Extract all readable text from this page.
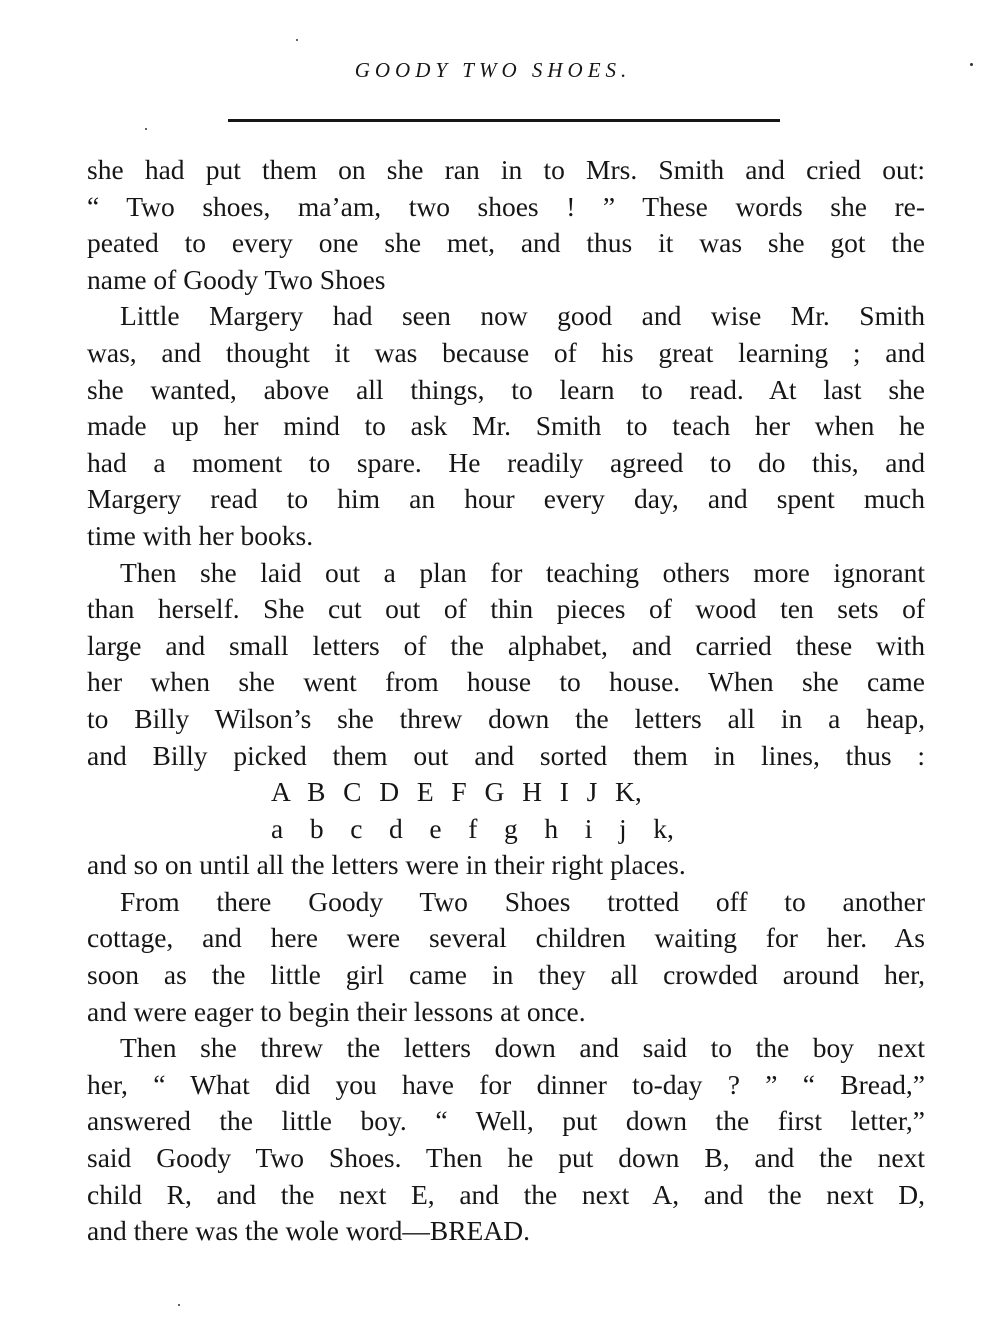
GOODY TWO SHOES.
she had put them on she ran in to Mrs. Smith and cried out:
“ Two shoes, ma’am, two shoes ! ” These words she re-
peated to every one she met, and thus it was she got the
name of Goody Two Shoes
Little Margery had seen now good and wise Mr. Smith
was, and thought it was because of his great learning ; and
she wanted, above all things, to learn to read. At last she
made up her mind to ask Mr. Smith to teach her when he
had a moment to spare. He readily agreed to do this, and
Margery read to him an hour every day, and spent much
time with her books.
Then she laid out a plan for teaching others more ignorant
than herself. She cut out of thin pieces of wood ten sets of
large and small letters of the alphabet, and carried these with
her when she went from house to house. When she came
to Billy Wilson’s she threw down the letters all in a heap,
and Billy picked them out and sorted them in lines, thus :
A  B  C  D  E  F  G  H  I  J  K,
a   b   c   d   e   f   g   h   i   j   k,
and so on until all the letters were in their right places.
From there Goody Two Shoes trotted off to another
cottage, and here were several children waiting for her. As
soon as the little girl came in they all crowded around her,
and were eager to begin their lessons at once.
Then she threw the letters down and said to the boy next
her, “ What did you have for dinner to-day ? ” “ Bread,”
answered the little boy. “ Well, put down the first letter,”
said Goody Two Shoes. Then he put down B, and the next
child R, and the next E, and the next A, and the next D,
and there was the wole word—BREAD.
